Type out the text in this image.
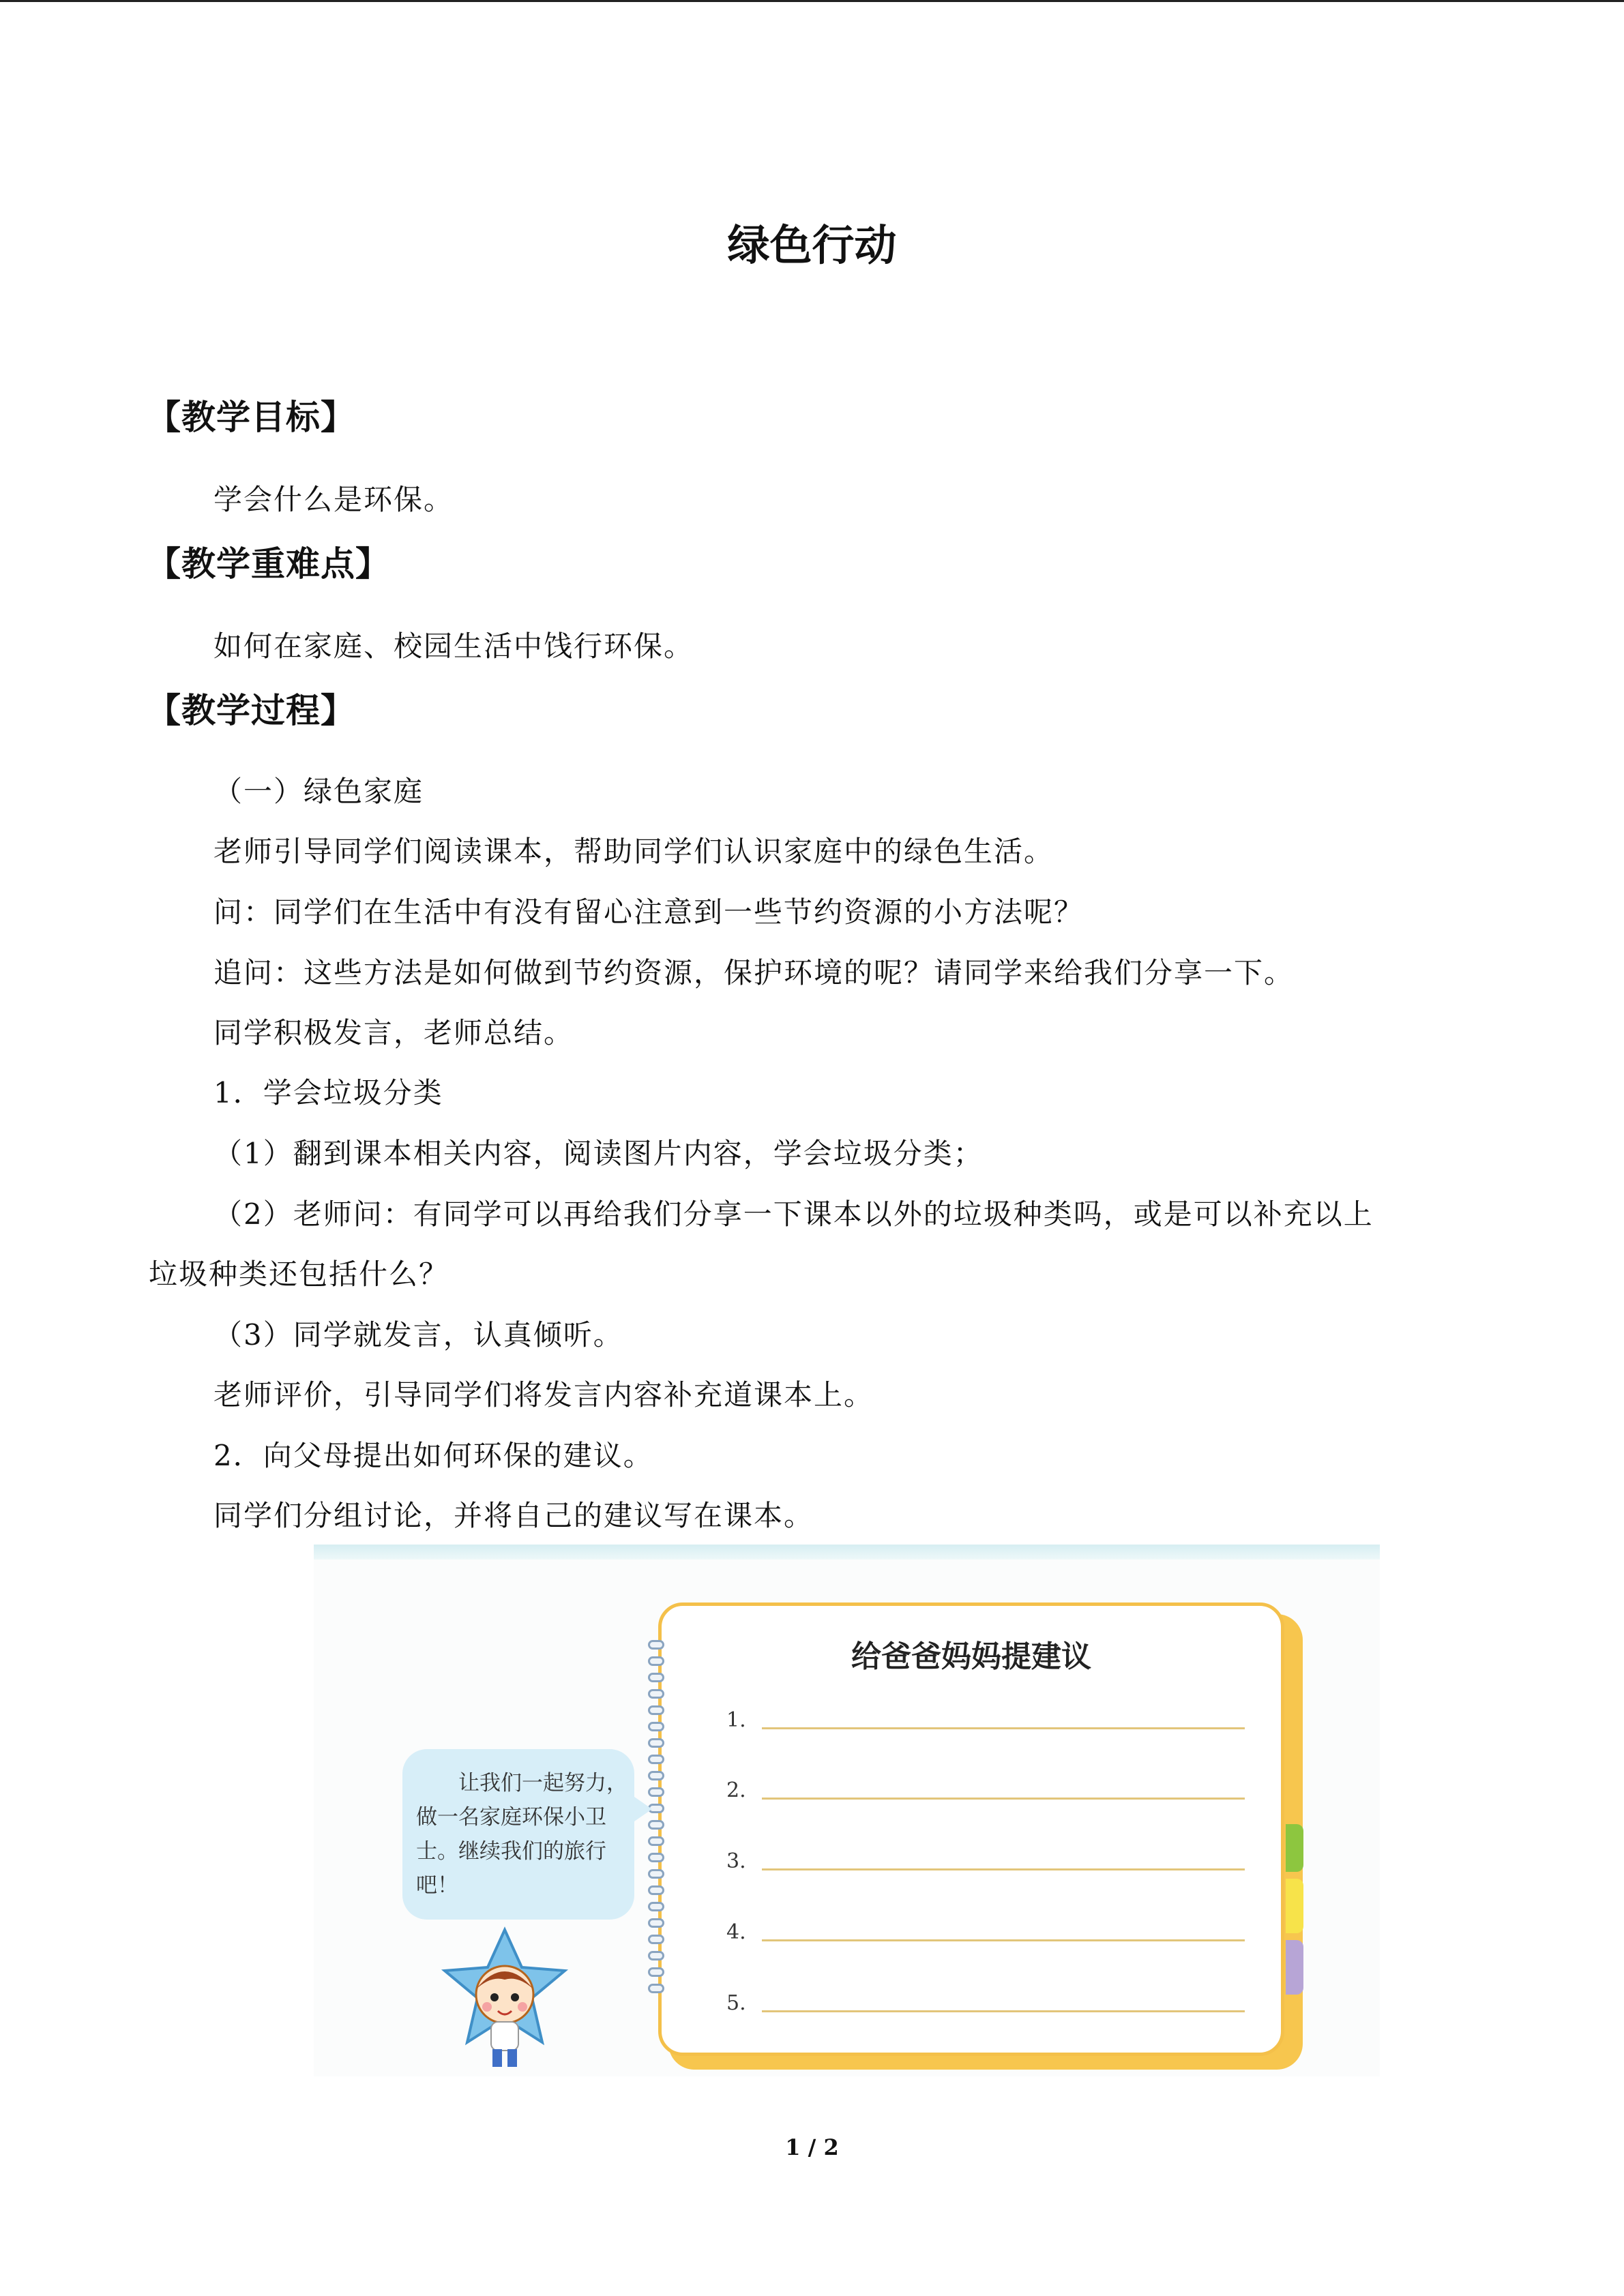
绿色行动
【教学目标】
学会什么是环保。
【教学重难点】
如何在家庭、校园生活中饯行环保。
【教学过程】
（一）绿色家庭
老师引导同学们阅读课本，帮助同学们认识家庭中的绿色生活。
问：同学们在生活中有没有留心注意到一些节约资源的小方法呢？
追问：这些方法是如何做到节约资源，保护环境的呢？请同学来给我们分享一下。
同学积极发言，老师总结。
1．学会垃圾分类
（1）翻到课本相关内容，阅读图片内容，学会垃圾分类；
（2）老师问：有同学可以再给我们分享一下课本以外的垃圾种类吗，或是可以补充以上
垃圾种类还包括什么？
（3）同学就发言，认真倾听。
老师评价，引导同学们将发言内容补充道课本上。
2．向父母提出如何环保的建议。
同学们分组讨论，并将自己的建议写在课本。
给爸爸妈妈提建议
1.
2.
3.
4.
5.
让我们一起努力，做一名家庭环保小卫士。继续我们的旅行吧！
1 / 2
